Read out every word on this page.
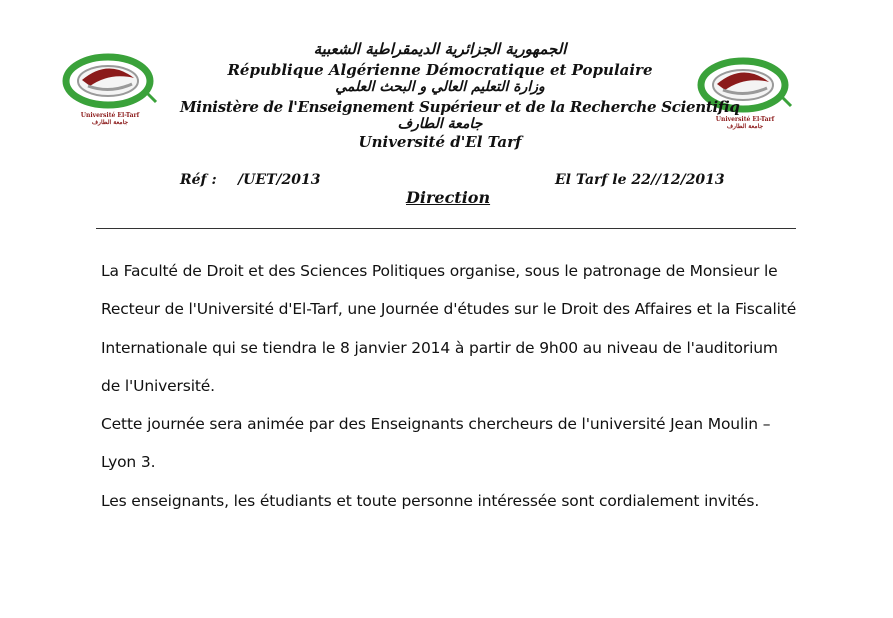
Université El-Tarf
جامعة الطارف	Université El-Tarf
جامعة الطارف
الجمهورية الجزائرية الديمقراطية الشعبية
République Algérienne Démocratique et Populaire
وزارة التعليم العالي و البحث العلمي
Ministère de l'Enseignement Supérieur et de la Recherche Scientifiq
جامعة الطارف
Université d'El Tarf
Réf : /UET/2013	El Tarf le 22//12/2013
Direction

La Faculté de Droit et des Sciences Politiques organise, sous le patronage de Monsieur le Recteur de l'Université d'El-Tarf, une Journée d'études sur le Droit des Affaires et la Fiscalité Internationale qui se tiendra le 8 janvier 2014 à partir de 9h00 au niveau de l'auditorium de l'Université.

Cette journée sera animée par des Enseignants chercheurs de l'université Jean Moulin – Lyon 3.

Les enseignants, les étudiants et toute personne intéressée sont cordialement invités.
